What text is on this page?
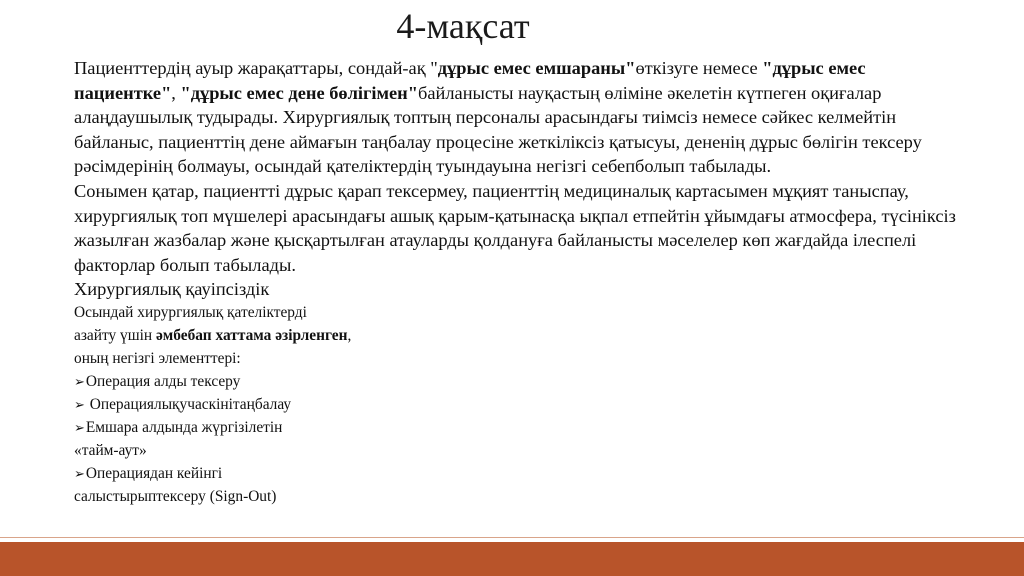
4-мақсат

Пациенттердің ауыр жарақаттары, сондай-ақ "дұрыс емес емшараны"өткізуге немесе "дұрыс емес пациентке", "дұрыс емес дене бөлігімен"байланысты науқастың өліміне әкелетін күтпеген оқиғалар алаңдаушылық тудырады. Хирургиялық топтың персоналы арасындағы тиімсіз немесе сәйкес келмейтін байланыс, пациенттің дене аймағын таңбалау процесіне жеткіліксіз қатысуы, дененің дұрыс бөлігін тексеру рәсімдерінің болмауы, осындай қателіктердің туындауына негізгі себепболып табылады.

Сонымен қатар, пациентті дұрыс қарап тексермеу, пациенттің медициналық картасымен мұқият таныспау, хирургиялық топ мүшелері арасындағы ашық қарым-қатынасқа ықпал етпейтін ұйымдағы атмосфера, түсініксіз жазылған жазбалар және қысқартылған атауларды қолдануға байланысты мәселелер көп жағдайда ілеспелі факторлар болып табылады.

Хирургиялық қауіпсіздік

Осындай хирургиялық қателіктерді

азайту үшін әмбебап хаттама әзірленген,

оның негізгі элементтері:

➢Операция алды тексеру

➢ Операциялықучаскінітаңбалау

➢Емшара алдында жүргізілетін

«тайм-аут»

➢Операциядан кейінгі

салыстырыптексеру (Sign-Out)
